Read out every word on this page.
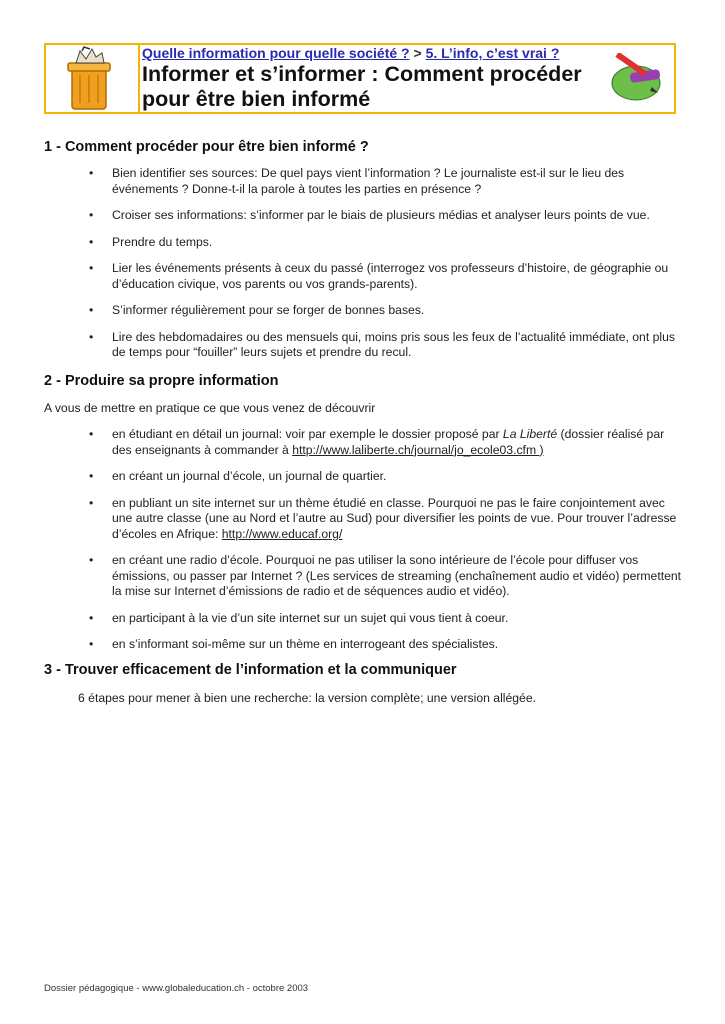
Quelle information pour quelle société ? > 5. L’info, c’est vrai ?
Informer et s’informer : Comment procéder pour être bien informé
1 - Comment procéder pour être bien informé ?
• Bien identifier ses sources: De quel pays vient l’information ? Le journaliste est-il sur le lieu des événements ? Donne-t-il la parole à toutes les parties en présence ?
• Croiser ses informations: s’informer par le biais de plusieurs médias et analyser leurs points de vue.
• Prendre du temps.
• Lier les événements présents à ceux du passé (interrogez vos professeurs d’histoire, de géographie ou d’éducation civique, vos parents ou vos grands-parents).
• S’informer régulièrement pour se forger de bonnes bases.
• Lire des hebdomadaires ou des mensuels qui, moins pris sous les feux de l’actualité immédiate, ont plus de temps pour “fouiller” leurs sujets et prendre du recul.
2 - Produire sa propre information
A vous de mettre en pratique ce que vous venez de découvrir
• en étudiant en détail un journal: voir par exemple le dossier proposé par La Liberté (dossier réalisé par des enseignants à commander à http://www.laliberte.ch/journal/jo_ecole03.cfm )
• en créant un journal d’école, un journal de quartier.
• en publiant un site internet sur un thème étudié en classe. Pourquoi ne pas le faire conjointement avec une autre classe (une au Nord et l’autre au Sud) pour diversifier les points de vue. Pour trouver l’adresse d’écoles en Afrique: http://www.educaf.org/
• en créant une radio d’école. Pourquoi ne pas utiliser la sono intérieure de l’école pour diffuser vos émissions, ou passer par Internet ? (Les services de streaming (enchaînement audio et vidéo) permettent la mise sur Internet d’émissions de radio et de séquences audio et vidéo).
• en participant à la vie d’un site internet sur un sujet qui vous tient à coeur.
• en s’informant soi-même sur un thème en interrogeant des spécialistes.
3 - Trouver efficacement de l’information et la communiquer
6 étapes pour mener à bien une recherche: la version complète; une version allégée.
Dossier pédagogique - www.globaleducation.ch - octobre 2003
